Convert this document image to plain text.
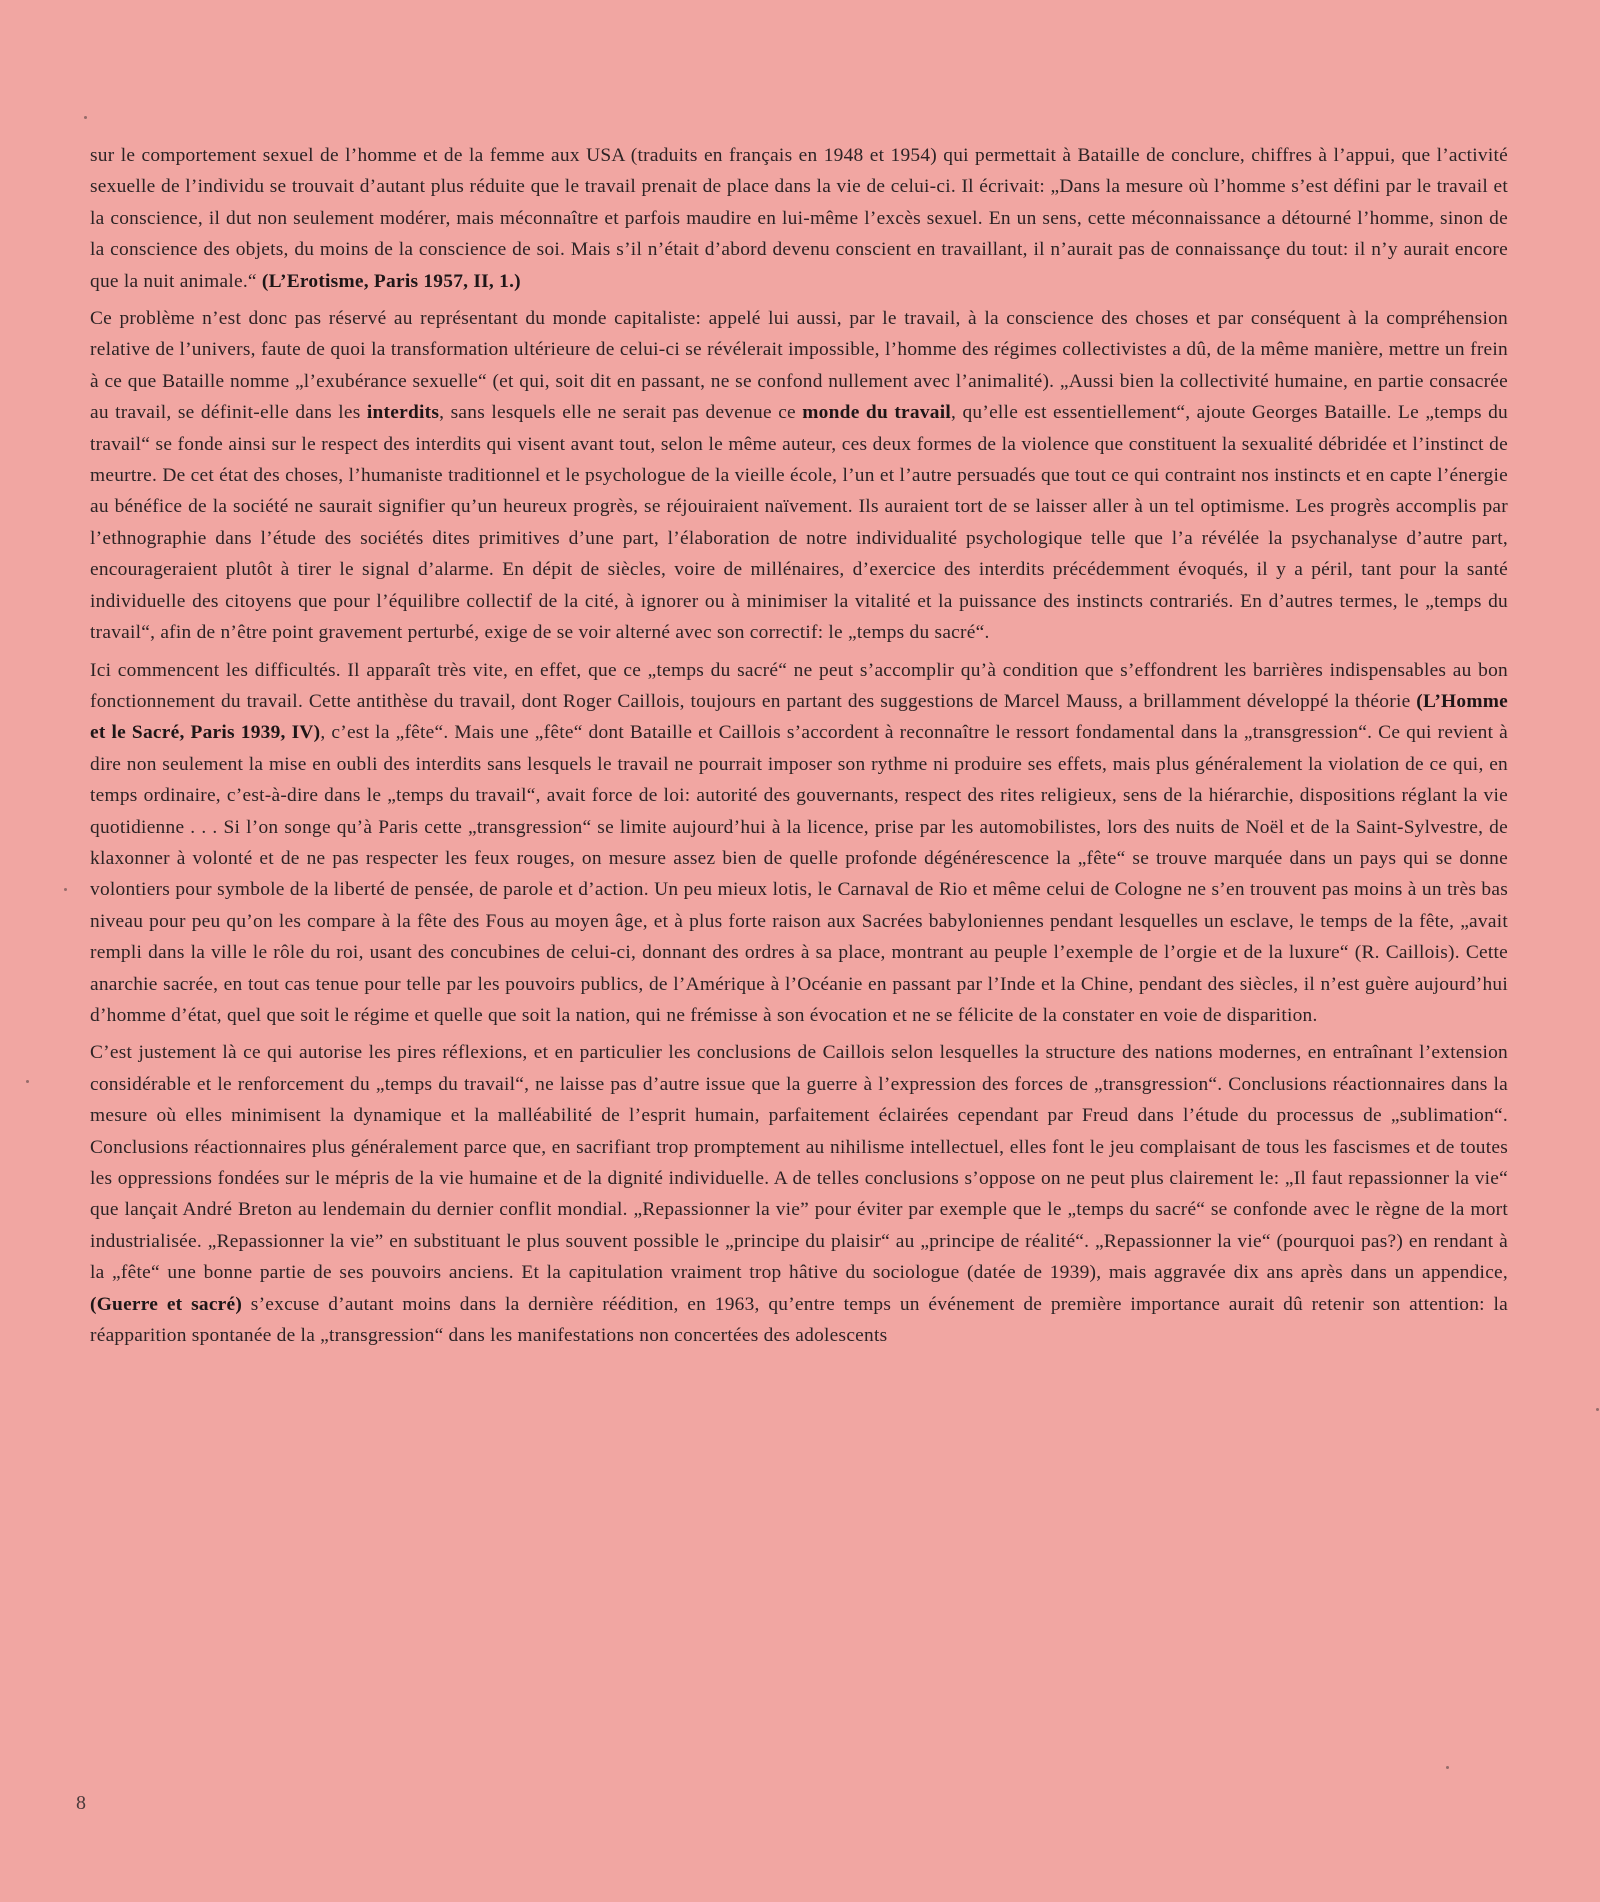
sur le comportement sexuel de l’homme et de la femme aux USA (traduits en français en 1948 et 1954) qui permettait à Bataille de conclure, chiffres à l’appui, que l’activité sexuelle de l’individu se trouvait d’autant plus réduite que le travail prenait de place dans la vie de celui-ci. Il écrivait: „Dans la mesure où l’homme s’est défini par le travail et la conscience, il dut non seulement modérer, mais méconnaître et parfois maudire en lui-même l’excès sexuel. En un sens, cette méconnaissance a détourné l’homme, sinon de la conscience des objets, du moins de la conscience de soi. Mais s’il n’était d’abord devenu conscient en travaillant, il n’aurait pas de connaissançe du tout: il n’y aurait encore que la nuit animale.“ (L’Erotisme, Paris 1957, II, 1.)

Ce problème n’est donc pas réservé au représentant du monde capitaliste: appelé lui aussi, par le travail, à la conscience des choses et par conséquent à la compréhension relative de l’univers, faute de quoi la transformation ultérieure de celui-ci se révélerait impossible, l’homme des régimes collectivistes a dû, de la même manière, mettre un frein à ce que Bataille nomme „l’exubérance sexuelle“ (et qui, soit dit en passant, ne se confond nullement avec l’animalité). „Aussi bien la collectivité humaine, en partie consacrée au travail, se définit-elle dans les interdits, sans lesquels elle ne serait pas devenue ce monde du travail, qu’elle est essentiellement“, ajoute Georges Bataille. Le „temps du travail“ se fonde ainsi sur le respect des interdits qui visent avant tout, selon le même auteur, ces deux formes de la violence que constituent la sexualité débridée et l’instinct de meurtre. De cet état des choses, l’humaniste traditionnel et le psychologue de la vieille école, l’un et l’autre persuadés que tout ce qui contraint nos instincts et en capte l’énergie au bénéfice de la société ne saurait signifier qu’un heureux progrès, se réjouiraient naïvement. Ils auraient tort de se laisser aller à un tel optimisme. Les progrès accomplis par l’ethnographie dans l’étude des sociétés dites primitives d’une part, l’élaboration de notre individualité psychologique telle que l’a révélée la psychanalyse d’autre part, encourageraient plutôt à tirer le signal d’alarme. En dépit de siècles, voire de millénaires, d’exercice des interdits précédemment évoqués, il y a péril, tant pour la santé individuelle des citoyens que pour l’équilibre collectif de la cité, à ignorer ou à minimiser la vitalité et la puissance des instincts contrariés. En d’autres termes, le „temps du travail“, afin de n’être point gravement perturbé, exige de se voir alterné avec son correctif: le „temps du sacré“.

Ici commencent les difficultés. Il apparaît très vite, en effet, que ce „temps du sacré“ ne peut s’accomplir qu’à condition que s’effondrent les barrières indispensables au bon fonctionnement du travail. Cette antithèse du travail, dont Roger Caillois, toujours en partant des suggestions de Marcel Mauss, a brillamment développé la théorie (L’Homme et le Sacré, Paris 1939, IV), c’est la „fête“. Mais une „fête“ dont Bataille et Caillois s’accordent à reconnaître le ressort fondamental dans la „transgression“. Ce qui revient à dire non seulement la mise en oubli des interdits sans lesquels le travail ne pourrait imposer son rythme ni produire ses effets, mais plus généralement la violation de ce qui, en temps ordinaire, c’est-à-dire dans le „temps du travail“, avait force de loi: autorité des gouvernants, respect des rites religieux, sens de la hiérarchie, dispositions réglant la vie quotidienne . . . Si l’on songe qu’à Paris cette „transgression“ se limite aujourd’hui à la licence, prise par les automobilistes, lors des nuits de Noël et de la Saint-Sylvestre, de klaxonner à volonté et de ne pas respecter les feux rouges, on mesure assez bien de quelle profonde dégénérescence la „fête“ se trouve marquée dans un pays qui se donne volontiers pour symbole de la liberté de pensée, de parole et d’action. Un peu mieux lotis, le Carnaval de Rio et même celui de Cologne ne s’en trouvent pas moins à un très bas niveau pour peu qu’on les compare à la fête des Fous au moyen âge, et à plus forte raison aux Sacrées babyloniennes pendant lesquelles un esclave, le temps de la fête, „avait rempli dans la ville le rôle du roi, usant des concubines de celui-ci, donnant des ordres à sa place, montrant au peuple l’exemple de l’orgie et de la luxure“ (R. Caillois). Cette anarchie sacrée, en tout cas tenue pour telle par les pouvoirs publics, de l’Amérique à l’Océanie en passant par l’Inde et la Chine, pendant des siècles, il n’est guère aujourd’hui d’homme d’état, quel que soit le régime et quelle que soit la nation, qui ne frémisse à son évocation et ne se félicite de la constater en voie de disparition.

C’est justement là ce qui autorise les pires réflexions, et en particulier les conclusions de Caillois selon lesquelles la structure des nations modernes, en entraînant l’extension considérable et le renforcement du „temps du travail“, ne laisse pas d’autre issue que la guerre à l’expression des forces de „transgression“. Conclusions réactionnaires dans la mesure où elles minimisent la dynamique et la malléabilité de l’esprit humain, parfaitement éclairées cependant par Freud dans l’étude du processus de „sublimation“. Conclusions réactionnaires plus généralement parce que, en sacrifiant trop promptement au nihilisme intellectuel, elles font le jeu complaisant de tous les fascismes et de toutes les oppressions fondées sur le mépris de la vie humaine et de la dignité individuelle. A de telles conclusions s’oppose on ne peut plus clairement le: „Il faut repassionner la vie“ que lançait André Breton au lendemain du dernier conflit mondial. „Repassionner la vie” pour éviter par exemple que le „temps du sacré“ se confonde avec le règne de la mort industrialisée. „Repassionner la vie” en substituant le plus souvent possible le „principe du plaisir“ au „principe de réalité“. „Repassionner la vie“ (pourquoi pas?) en rendant à la „fête“ une bonne partie de ses pouvoirs anciens. Et la capitulation vraiment trop hâtive du sociologue (datée de 1939), mais aggravée dix ans après dans un appendice, (Guerre et sacré) s’excuse d’autant moins dans la dernière réédition, en 1963, qu’entre temps un événement de première importance aurait dû retenir son attention: la réapparition spontanée de la „transgression“ dans les manifestations non concertées des adolescents

8
